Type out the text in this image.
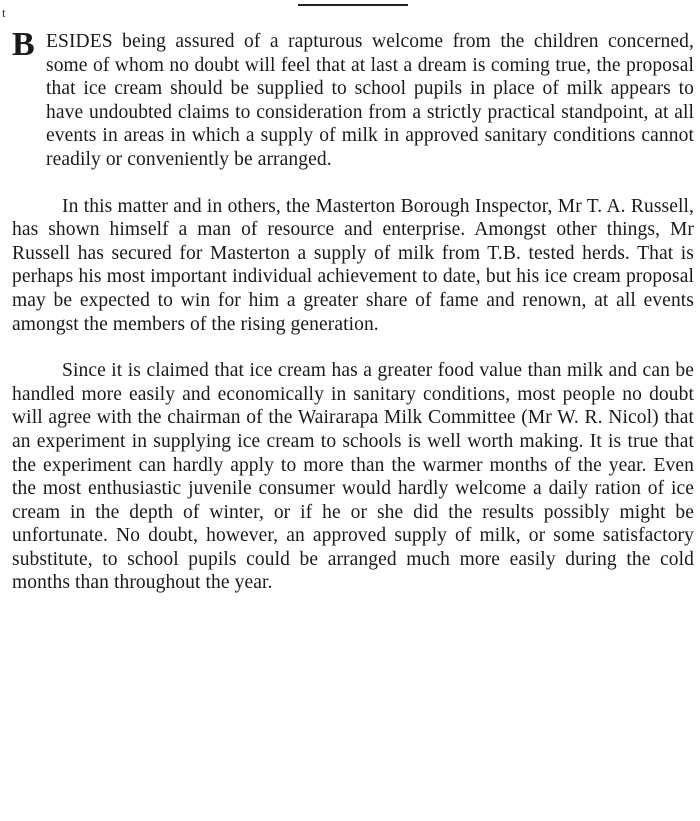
t

B ESIDES being assured of a rapturous welcome from the children concerned, some of whom no doubt will feel that at last a dream is coming true, the proposal that ice cream should be supplied to school pupils in place of milk appears to have undoubted claims to consideration from a strictly practical standpoint, at all events in areas in which a supply of milk in approved sanitary conditions cannot readily or conveniently be arranged.

In this matter and in others, the Masterton Borough Inspector, Mr T. A. Russell, has shown himself a man of resource and enterprise. Amongst other things, Mr Russell has secured for Masterton a supply of milk from T.B. tested herds. That is perhaps his most important individual achievement to date, but his ice cream proposal may be expected to win for him a greater share of fame and renown, at all events amongst the members of the rising generation.

Since it is claimed that ice cream has a greater food value than milk and can be handled more easily and economically in sanitary conditions, most people no doubt will agree with the chairman of the Wairarapa Milk Committee (Mr W. R. Nicol) that an experiment in supplying ice cream to schools is well worth making. It is true that the experiment can hardly apply to more than the warmer months of the year. Even the most enthusiastic juvenile consumer would hardly welcome a daily ration of ice cream in the depth of winter, or if he or she did the results possibly might be unfortunate. No doubt, however, an approved supply of milk, or some satisfactory substitute, to school pupils could be arranged much more easily during the cold months than throughout the year.
